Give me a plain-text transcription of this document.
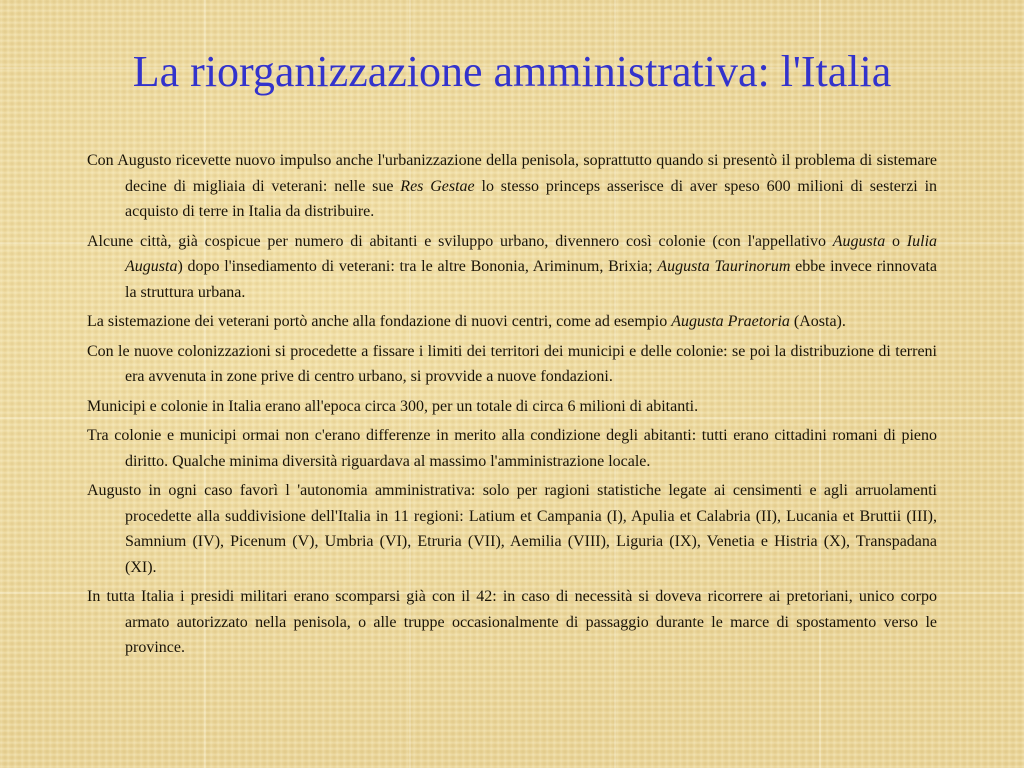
La riorganizzazione amministrativa: l'Italia

Con Augusto ricevette nuovo impulso anche l'urbanizzazione della penisola, soprattutto quando si presentò il problema di sistemare decine di migliaia di veterani: nelle sue Res Gestae lo stesso princeps asserisce di aver speso 600 milioni di sesterzi in acquisto di terre in Italia da distribuire.

Alcune città, già cospicue per numero di abitanti e sviluppo urbano, divennero così colonie (con l'appellativo Augusta o Iulia Augusta) dopo l'insediamento di veterani: tra le altre Bononia, Ariminum, Brixia; Augusta Taurinorum ebbe invece rinnovata la struttura urbana.

La sistemazione dei veterani portò anche alla fondazione di nuovi centri, come ad esempio Augusta Praetoria (Aosta).

Con le nuove colonizzazioni si procedette a fissare i limiti dei territori dei municipi e delle colonie: se poi la distribuzione di terreni era avvenuta in zone prive di centro urbano, si provvide a nuove fondazioni.

Municipi e colonie in Italia erano all'epoca circa 300, per un totale di circa 6 milioni di abitanti.

Tra colonie e municipi ormai non c'erano differenze in merito alla condizione degli abitanti: tutti erano cittadini romani di pieno diritto. Qualche minima diversità riguardava al massimo l'amministrazione locale.

Augusto in ogni caso favorì l 'autonomia amministrativa: solo per ragioni statistiche legate ai censimenti e agli arruolamenti procedette alla suddivisione dell'Italia in 11 regioni: Latium et Campania (I), Apulia et Calabria (II), Lucania et Bruttii (III), Samnium (IV), Picenum (V), Umbria (VI), Etruria (VII), Aemilia (VIII), Liguria (IX), Venetia e Histria (X), Transpadana (XI).

In tutta Italia i presidi militari erano scomparsi già con il 42: in caso di necessità si doveva ricorrere ai pretoriani, unico corpo armato autorizzato nella penisola, o alle truppe occasionalmente di passaggio durante le marce di spostamento verso le province.
